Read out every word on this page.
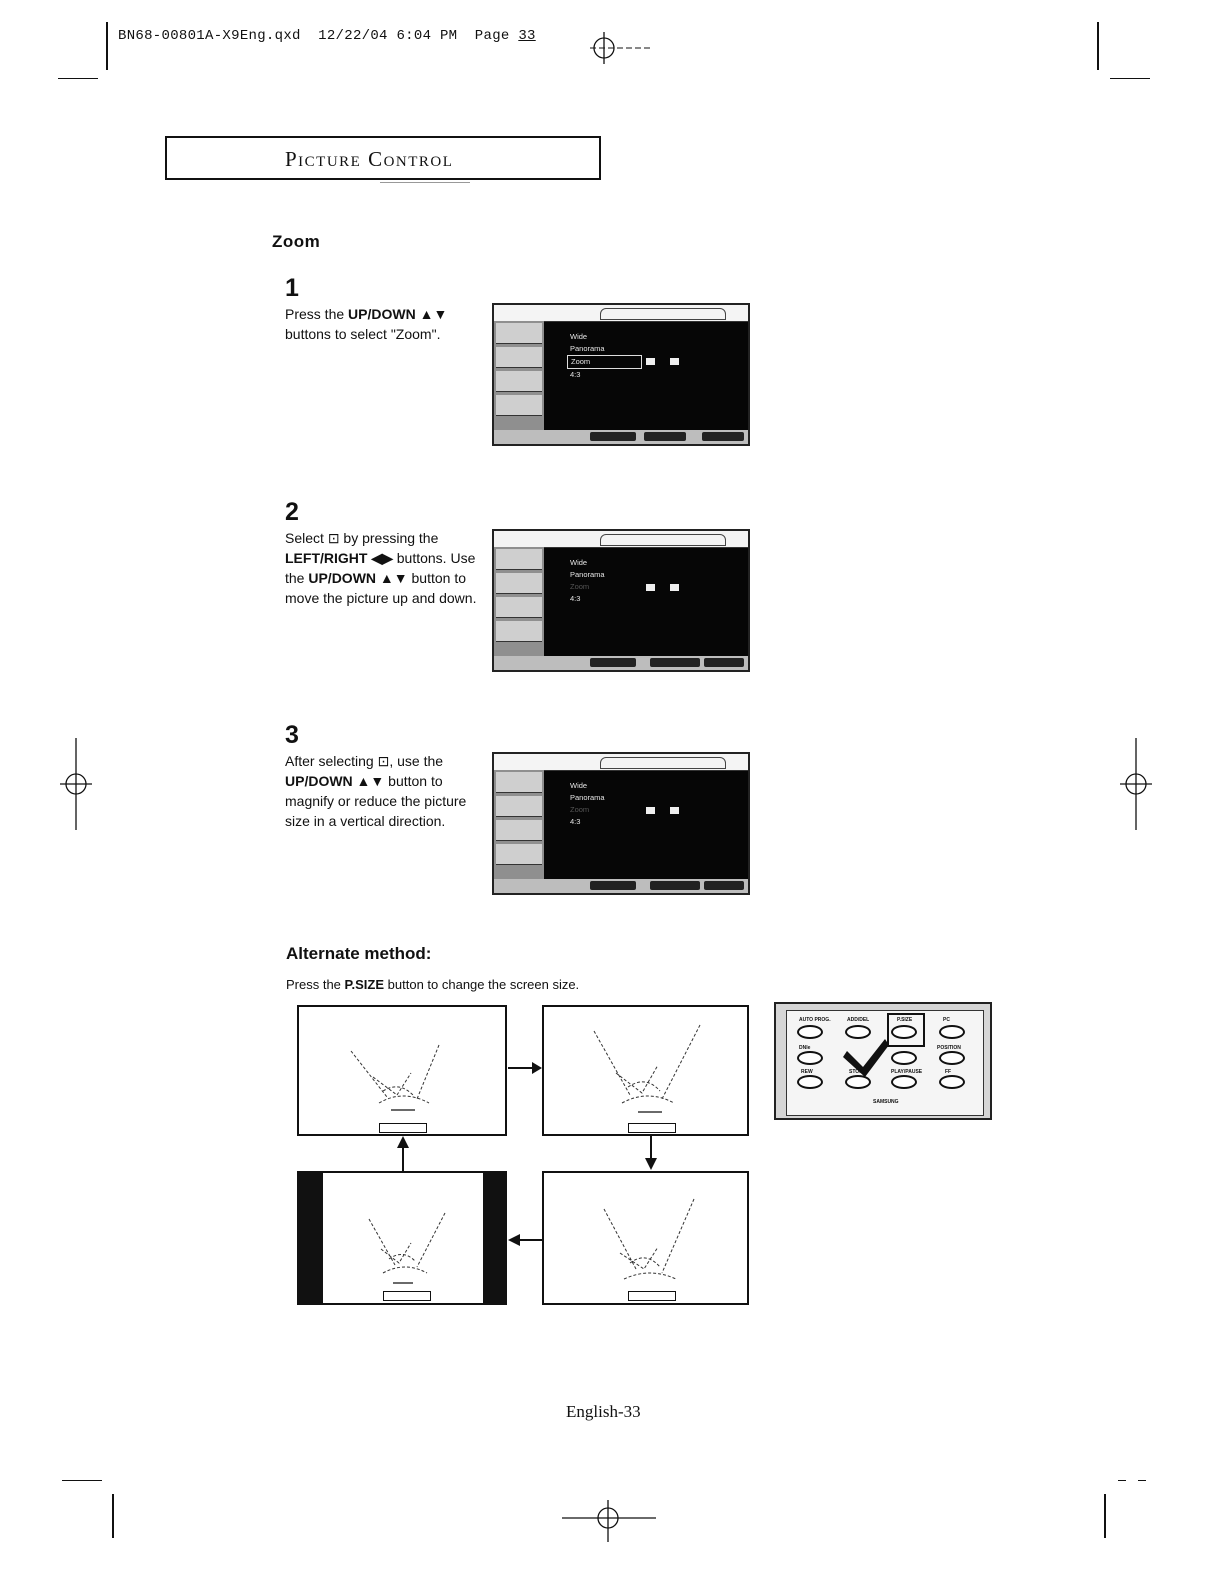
BN68-00801A-X9Eng.qxd 12/22/04 6:04 PM Page 33
Picture Control
Zoom
1
Press the UP/DOWN ▲▼
buttons to select "Zoom".
2
Select ⊡ by pressing the
LEFT/RIGHT ◀▶ buttons. Use the UP/DOWN ▲▼ button to move the picture up and down.
3
After selecting ⊡, use the
UP/DOWN ▲▼ button to magnify or reduce the picture size in a vertical direction.
Wide
Panorama
Zoom
4:3
Wide
Panorama
Zoom
4:3
Wide
Panorama
Zoom
4:3
Alternate method:
Press the P.SIZE button to change the screen size.
AUTO PROG.	ADD/DEL	P.SIZE	PC
DNIe	POSITION
REW	STOP	PLAY/PAUSE	FF
SAMSUNG
English-33
